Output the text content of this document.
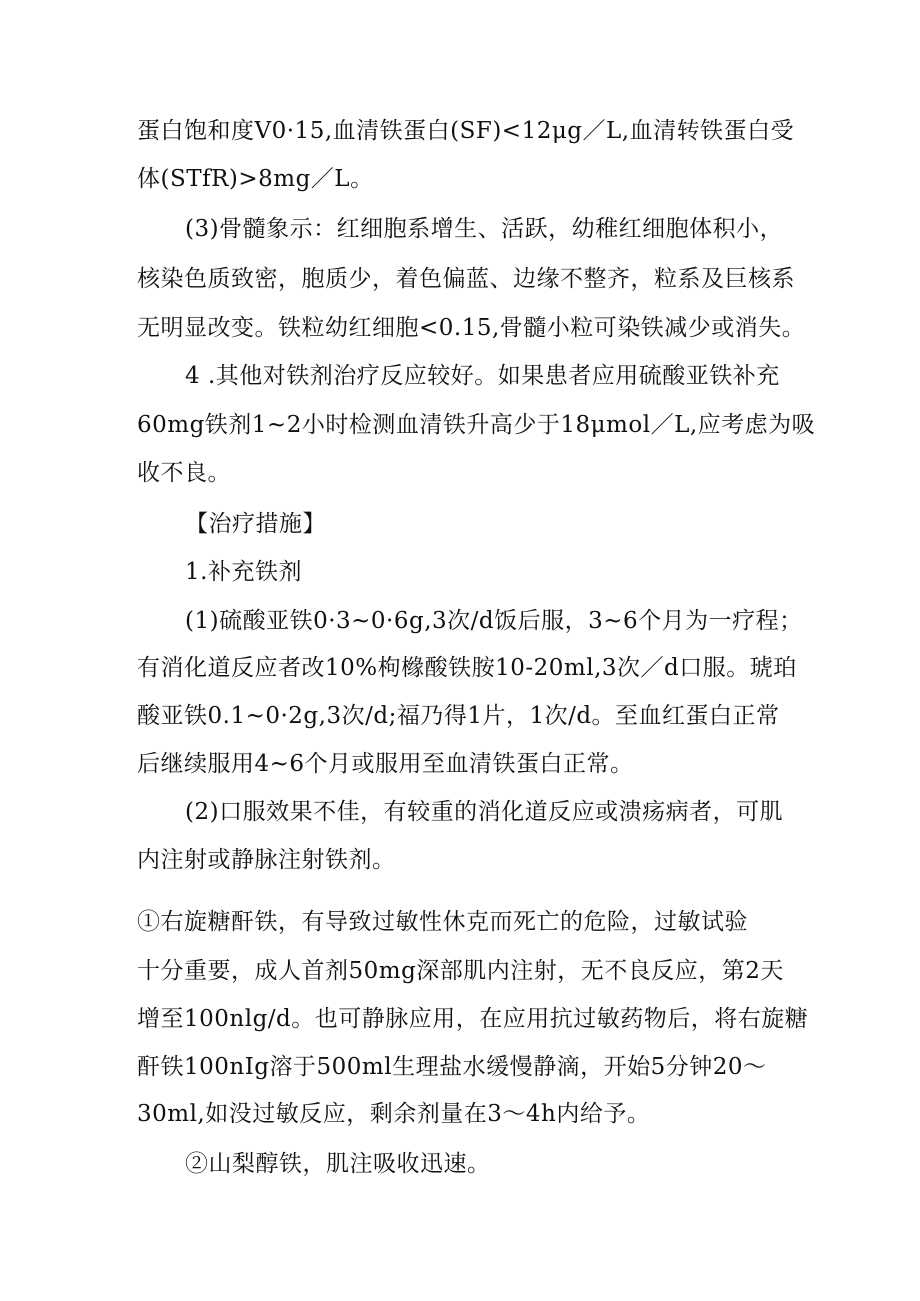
蛋白饱和度V0·15,血清铁蛋白(SF)<12μg／L,血清转铁蛋白受
体(STfR)>8mg／L。
(3)骨髓象示：红细胞系增生、活跃，幼稚红细胞体积小，
核染色质致密，胞质少，着色偏蓝、边缘不整齐，粒系及巨核系
无明显改变。铁粒幼红细胞<0.15,骨髓小粒可染铁减少或消失。
4 .其他对铁剂治疗反应较好。如果患者应用硫酸亚铁补充
60mg铁剂1~2小时检测血清铁升高少于18μmol／L,应考虑为吸
收不良。
【治疗措施】
1.补充铁剂
(1)硫酸亚铁0·3~0·6g,3次/d饭后服，3~6个月为一疗程；
有消化道反应者改10%枸橼酸铁胺10-20ml,3次／d口服。琥珀
酸亚铁0.1~0·2g,3次/d;福乃得1片，1次/d。至血红蛋白正常
后继续服用4~6个月或服用至血清铁蛋白正常。
(2)口服效果不佳，有较重的消化道反应或溃疡病者，可肌
内注射或静脉注射铁剂。
①右旋糖酐铁，有导致过敏性休克而死亡的危险，过敏试验
十分重要，成人首剂50mg深部肌内注射，无不良反应，第2天
增至100nlg/d。也可静脉应用，在应用抗过敏药物后，将右旋糖
酐铁100nIg溶于500ml生理盐水缓慢静滴，开始5分钟20～
30ml,如没过敏反应，剩余剂量在3～4h内给予。
②山梨醇铁，肌注吸收迅速。
